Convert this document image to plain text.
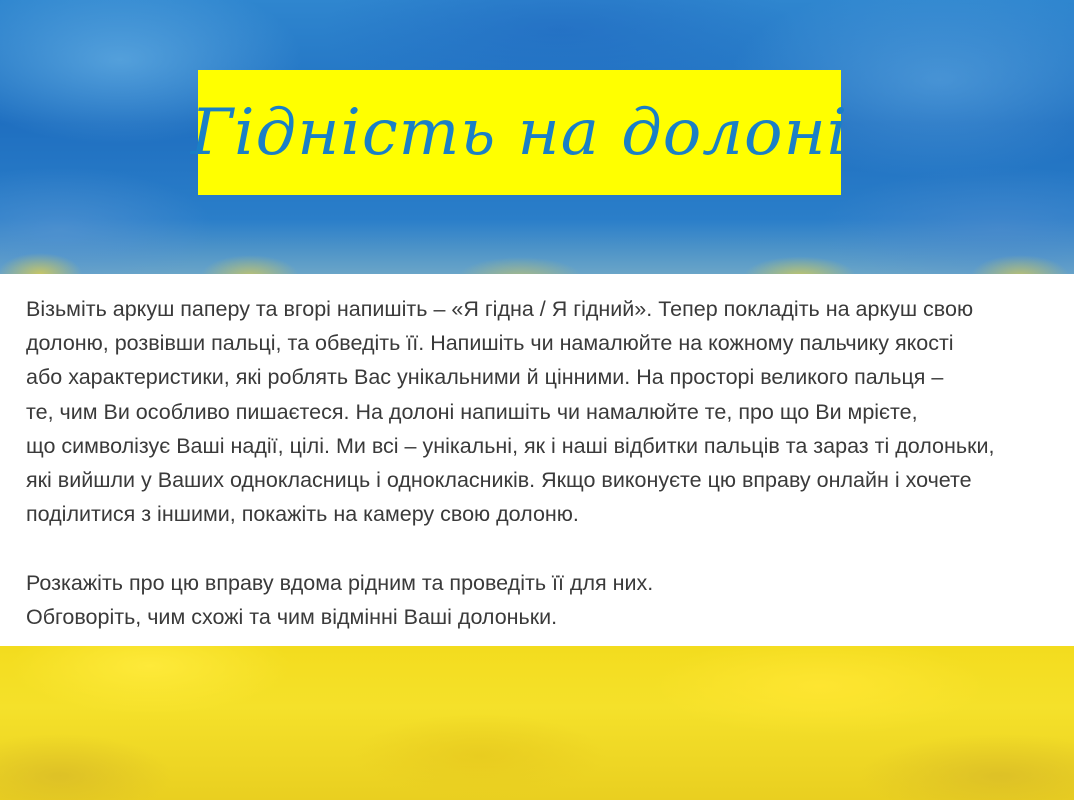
Гідність на долоні

Візьміть аркуш паперу та вгорі напишіть – «Я гідна / Я гідний». Тепер покладіть на аркуш свою
долоню, розвівши пальці, та обведіть її. Напишіть чи намалюйте на кожному пальчику якості
або характеристики, які роблять Вас унікальними й цінними. На просторі великого пальця –
те, чим Ви особливо пишаєтеся. На долоні напишіть чи намалюйте те, про що Ви мрієте,
що символізує Ваші надії, цілі. Ми всі – унікальні, як і наші відбитки пальців та зараз ті долоньки,
які вийшли у Ваших однокласниць і однокласників. Якщо виконуєте цю вправу онлайн і хочете
поділитися з іншими, покажіть на камеру свою долоню.

Розкажіть про цю вправу вдома рідним та проведіть її для них.
Обговоріть, чим схожі та чим відмінні Ваші долоньки.
